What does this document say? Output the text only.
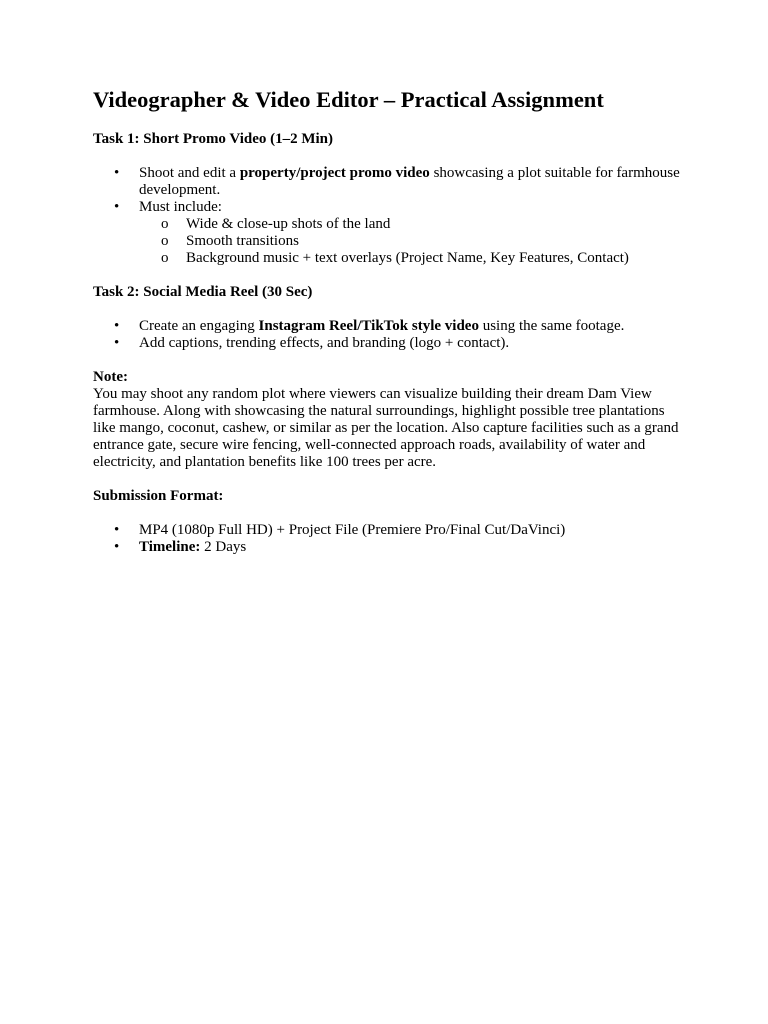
Videographer & Video Editor – Practical Assignment

Task 1: Short Promo Video (1–2 Min)

• Shoot and edit a property/project promo video showcasing a plot suitable for farmhouse development.
• Must include:
o Wide & close-up shots of the land
o Smooth transitions
o Background music + text overlays (Project Name, Key Features, Contact)

Task 2: Social Media Reel (30 Sec)

• Create an engaging Instagram Reel/TikTok style video using the same footage.
• Add captions, trending effects, and branding (logo + contact).

Note:

You may shoot any random plot where viewers can visualize building their dream Dam View farmhouse. Along with showcasing the natural surroundings, highlight possible tree plantations like mango, coconut, cashew, or similar as per the location. Also capture facilities such as a grand entrance gate, secure wire fencing, well-connected approach roads, availability of water and electricity, and plantation benefits like 100 trees per acre.

Submission Format:

• MP4 (1080p Full HD) + Project File (Premiere Pro/Final Cut/DaVinci)
• Timeline: 2 Days
